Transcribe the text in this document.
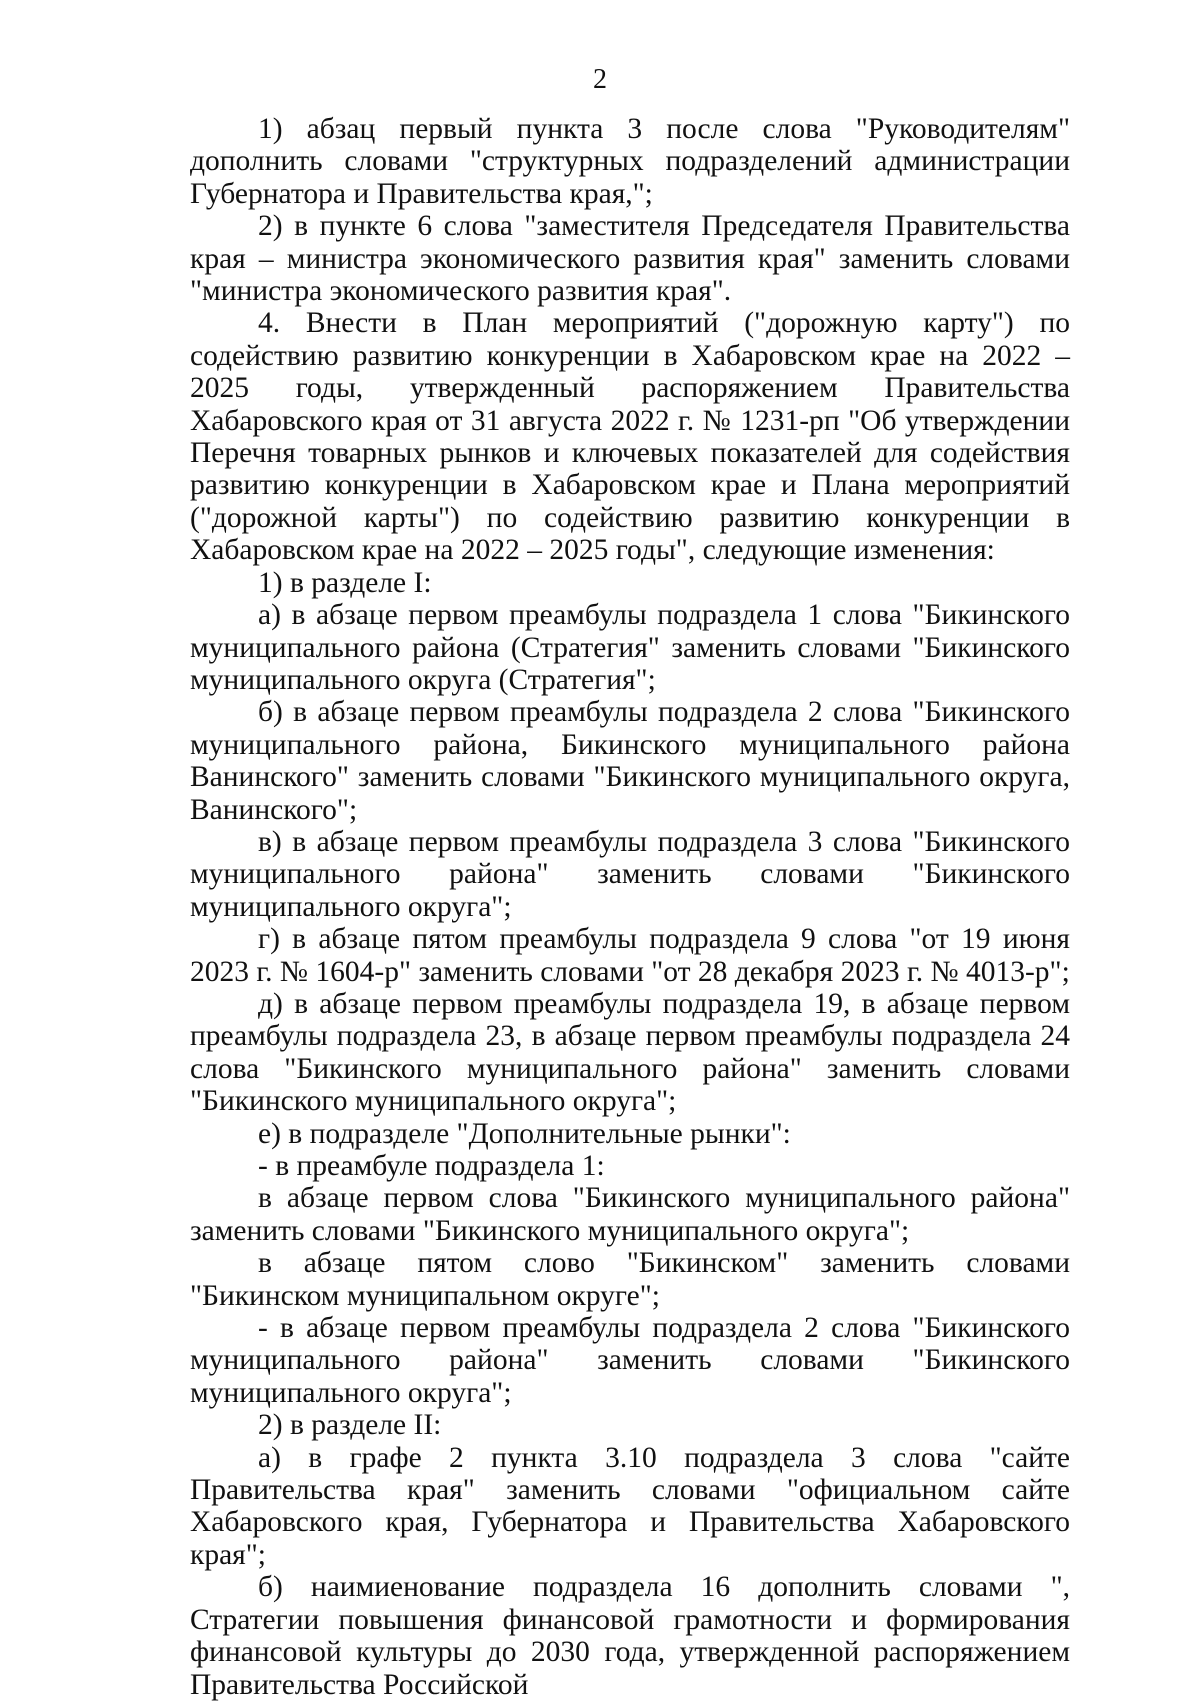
2

1) абзац первый пункта 3 после слова "Руководителям" дополнить словами "структурных подразделений администрации Губернатора и Правительства края,";

2) в пункте 6 слова "заместителя Председателя Правительства края – министра экономического развития края" заменить словами "министра экономического развития края".

4. Внести в План мероприятий ("дорожную карту") по содействию развитию конкуренции в Хабаровском крае на 2022 – 2025 годы, утвержденный распоряжением Правительства Хабаровского края от 31 августа 2022 г. № 1231-рп "Об утверждении Перечня товарных рынков и ключевых показателей для содействия развитию конкуренции в Хабаровском крае и Плана мероприятий ("дорожной карты") по содействию развитию конкуренции в Хабаровском крае на 2022 – 2025 годы", следующие изменения:

1) в разделе I:

а) в абзаце первом преамбулы подраздела 1 слова "Бикинского муниципального района (Стратегия" заменить словами "Бикинского муниципального округа (Стратегия";

б) в абзаце первом преамбулы подраздела 2 слова "Бикинского муниципального района, Бикинского муниципального района Ванинского" заменить словами "Бикинского муниципального округа, Ванинского";

в) в абзаце первом преамбулы подраздела 3 слова "Бикинского муниципального района" заменить словами "Бикинского муниципального округа";

г) в абзаце пятом преамбулы подраздела 9 слова "от 19 июня 2023 г. № 1604-р" заменить словами "от 28 декабря 2023 г. № 4013-р";

д) в абзаце первом преамбулы подраздела 19, в абзаце первом преамбулы подраздела 23, в абзаце первом преамбулы подраздела 24 слова "Бикинского муниципального района" заменить словами "Бикинского муниципального округа";

е) в подразделе "Дополнительные рынки":

- в преамбуле подраздела 1:

в абзаце первом слова "Бикинского муниципального района" заменить словами "Бикинского муниципального округа";

в абзаце пятом слово "Бикинском" заменить словами "Бикинском муниципальном округе";

- в абзаце первом преамбулы подраздела 2 слова "Бикинского муниципального района" заменить словами "Бикинского муниципального округа";

2) в разделе II:

а) в графе 2 пункта 3.10 подраздела 3 слова "сайте Правительства края" заменить словами "официальном сайте Хабаровского края, Губернатора и Правительства Хабаровского края";

б) наимиенование подраздела 16 дополнить словами ", Стратегии повышения финансовой грамотности и формирования финансовой культуры до 2030 года, утвержденной распоряжением Правительства Российской
